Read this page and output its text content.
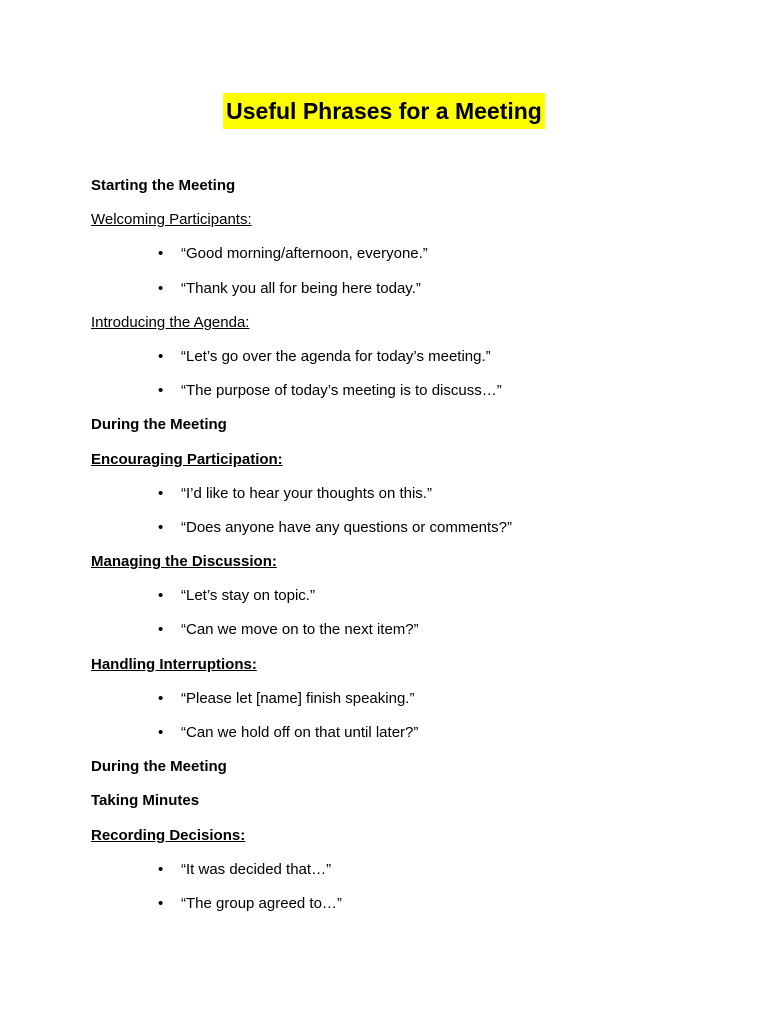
Useful Phrases for a Meeting
Starting the Meeting
Welcoming Participants:
• “Good morning/afternoon, everyone.”
• “Thank you all for being here today.”
Introducing the Agenda:
• “Let’s go over the agenda for today’s meeting.”
• “The purpose of today’s meeting is to discuss…”
During the Meeting
Encouraging Participation:
• “I’d like to hear your thoughts on this.”
• “Does anyone have any questions or comments?”
Managing the Discussion:
• “Let’s stay on topic.”
• “Can we move on to the next item?”
Handling Interruptions:
• “Please let [name] finish speaking.”
• “Can we hold off on that until later?”
During the Meeting
Taking Minutes
Recording Decisions:
• “It was decided that…”
• “The group agreed to…”
